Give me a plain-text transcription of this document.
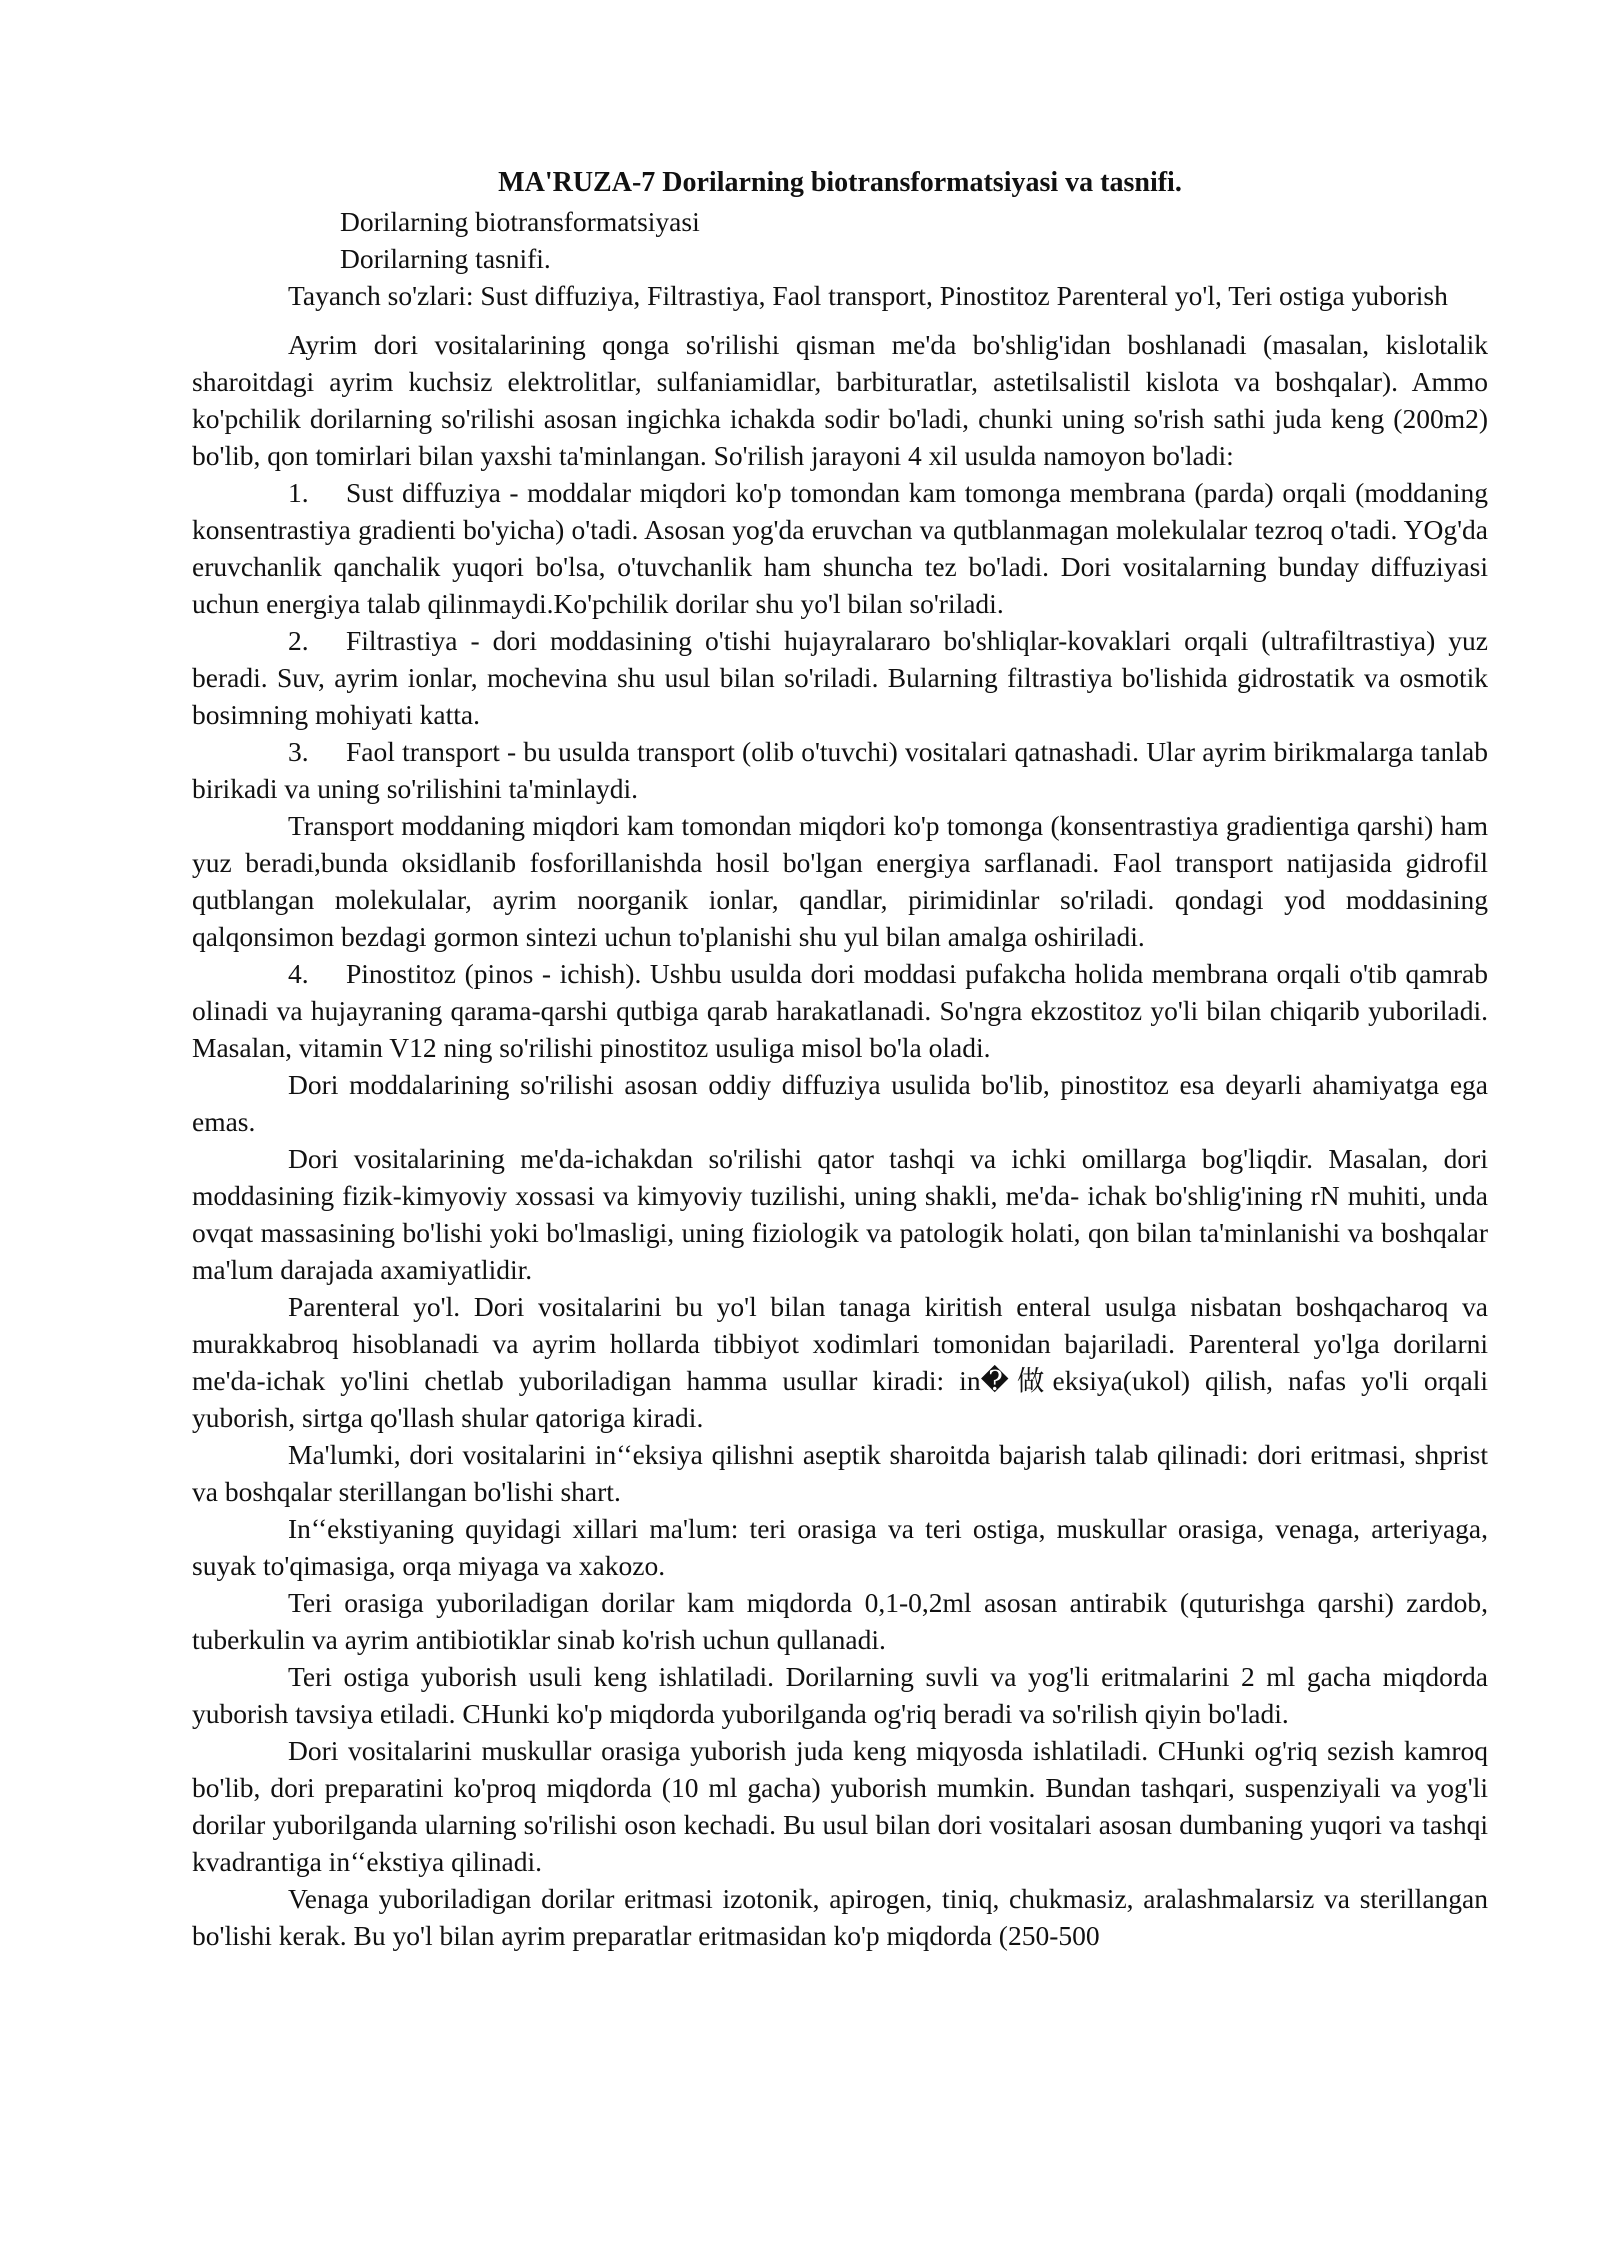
MA'RUZA-7 Dorilarning biotransformatsiyasi va tasnifi.

Dorilarning biotransformatsiyasi

Dorilarning tasnifi.

Tayanch so'zlari: Sust diffuziya, Filtrastiya, Faol transport, Pinostitoz Parenteral yo'l, Teri ostiga yuborish

Ayrim dori vositalarining qonga so'rilishi qisman me'da bo'shlig'idan boshlanadi (masalan, kislotalik sharoitdagi ayrim kuchsiz elektrolitlar, sulfaniamidlar, barbituratlar, astetilsalistil kislota va boshqalar). Ammo ko'pchilik dorilarning so'rilishi asosan ingichka ichakda sodir bo'ladi, chunki uning so'rish sathi juda keng (200m2) bo'lib, qon tomirlari bilan yaxshi ta'minlangan. So'rilish jarayoni 4 xil usulda namoyon bo'ladi:

1. Sust diffuziya - moddalar miqdori ko'p tomondan kam tomonga membrana (parda) orqali (moddaning konsentrastiya gradienti bo'yicha) o'tadi. Asosan yog'da eruvchan va qutblanmagan molekulalar tezroq o'tadi. YOg'da eruvchanlik qanchalik yuqori bo'lsa, o'tuvchanlik ham shuncha tez bo'ladi. Dori vositalarning bunday diffuziyasi uchun energiya talab qilinmaydi.Ko'pchilik dorilar shu yo'l bilan so'riladi.

2. Filtrastiya - dori moddasining o'tishi hujayralararo bo'shliqlar-kovaklari orqali (ultrafiltrastiya) yuz beradi. Suv, ayrim ionlar, mochevina shu usul bilan so'riladi. Bularning filtrastiya bo'lishida gidrostatik va osmotik bosimning mohiyati katta.

3. Faol transport - bu usulda transport (olib o'tuvchi) vositalari qatnashadi. Ular ayrim birikmalarga tanlab birikadi va uning so'rilishini ta'minlaydi.

Transport moddaning miqdori kam tomondan miqdori ko'p tomonga (konsentrastiya gradientiga qarshi) ham yuz beradi,bunda oksidlanib fosforillanishda hosil bo'lgan energiya sarflanadi. Faol transport natijasida gidrofil qutblangan molekulalar, ayrim noorganik ionlar, qandlar, pirimidinlar so'riladi. qondagi yod moddasining qalqonsimon bezdagi gormon sintezi uchun to'planishi shu yul bilan amalga oshiriladi.

4. Pinostitoz (pinos - ichish). Ushbu usulda dori moddasi pufakcha holida membrana orqali o'tib qamrab olinadi va hujayraning qarama-qarshi qutbiga qarab harakatlanadi. So'ngra ekzostitoz yo'li bilan chiqarib yuboriladi. Masalan, vitamin V12 ning so'rilishi pinostitoz usuliga misol bo'la oladi.

Dori moddalarining so'rilishi asosan oddiy diffuziya usulida bo'lib, pinostitoz esa deyarli ahamiyatga ega emas.

Dori vositalarining me'da-ichakdan so'rilishi qator tashqi va ichki omillarga bog'liqdir. Masalan, dori moddasining fizik-kimyoviy xossasi va kimyoviy tuzilishi, uning shakli, me'da- ichak bo'shlig'ining rN muhiti, unda ovqat massasining bo'lishi yoki bo'lmasligi, uning fiziologik va patologik holati, qon bilan ta'minlanishi va boshqalar ma'lum darajada axamiyatlidir.

Parenteral yo'l. Dori vositalarini bu yo'l bilan tanaga kiritish enteral usulga nisbatan boshqacharoq va murakkabroq hisoblanadi va ayrim hollarda tibbiyot xodimlari tomonidan bajariladi. Parenteral yo'lga dorilarni me'da-ichak yo'lini chetlab yuboriladigan hamma usullar kiradi: in�做eksiya(ukol) qilish, nafas yo'li orqali yuborish, sirtga qo'llash shular qatoriga kiradi.

Ma'lumki, dori vositalarini in‘‘eksiya qilishni aseptik sharoitda bajarish talab qilinadi: dori eritmasi, shprist va boshqalar sterillangan bo'lishi shart.

In‘‘ekstiyaning quyidagi xillari ma'lum: teri orasiga va teri ostiga, muskullar orasiga, venaga, arteriyaga, suyak to'qimasiga, orqa miyaga va xakozo.

Teri orasiga yuboriladigan dorilar kam miqdorda 0,1-0,2ml asosan antirabik (quturishga qarshi) zardob, tuberkulin va ayrim antibiotiklar sinab ko'rish uchun qullanadi.

Teri ostiga yuborish usuli keng ishlatiladi. Dorilarning suvli va yog'li eritmalarini 2 ml gacha miqdorda yuborish tavsiya etiladi. CHunki ko'p miqdorda yuborilganda og'riq beradi va so'rilish qiyin bo'ladi.

Dori vositalarini muskullar orasiga yuborish juda keng miqyosda ishlatiladi. CHunki og'riq sezish kamroq bo'lib, dori preparatini ko'proq miqdorda (10 ml gacha) yuborish mumkin. Bundan tashqari, suspenziyali va yog'li dorilar yuborilganda ularning so'rilishi oson kechadi. Bu usul bilan dori vositalari asosan dumbaning yuqori va tashqi kvadrantiga in‘‘ekstiya qilinadi.

Venaga yuboriladigan dorilar eritmasi izotonik, apirogen, tiniq, chukmasiz, aralashmalarsiz va sterillangan bo'lishi kerak. Bu yo'l bilan ayrim preparatlar eritmasidan ko'p miqdorda (250-500
